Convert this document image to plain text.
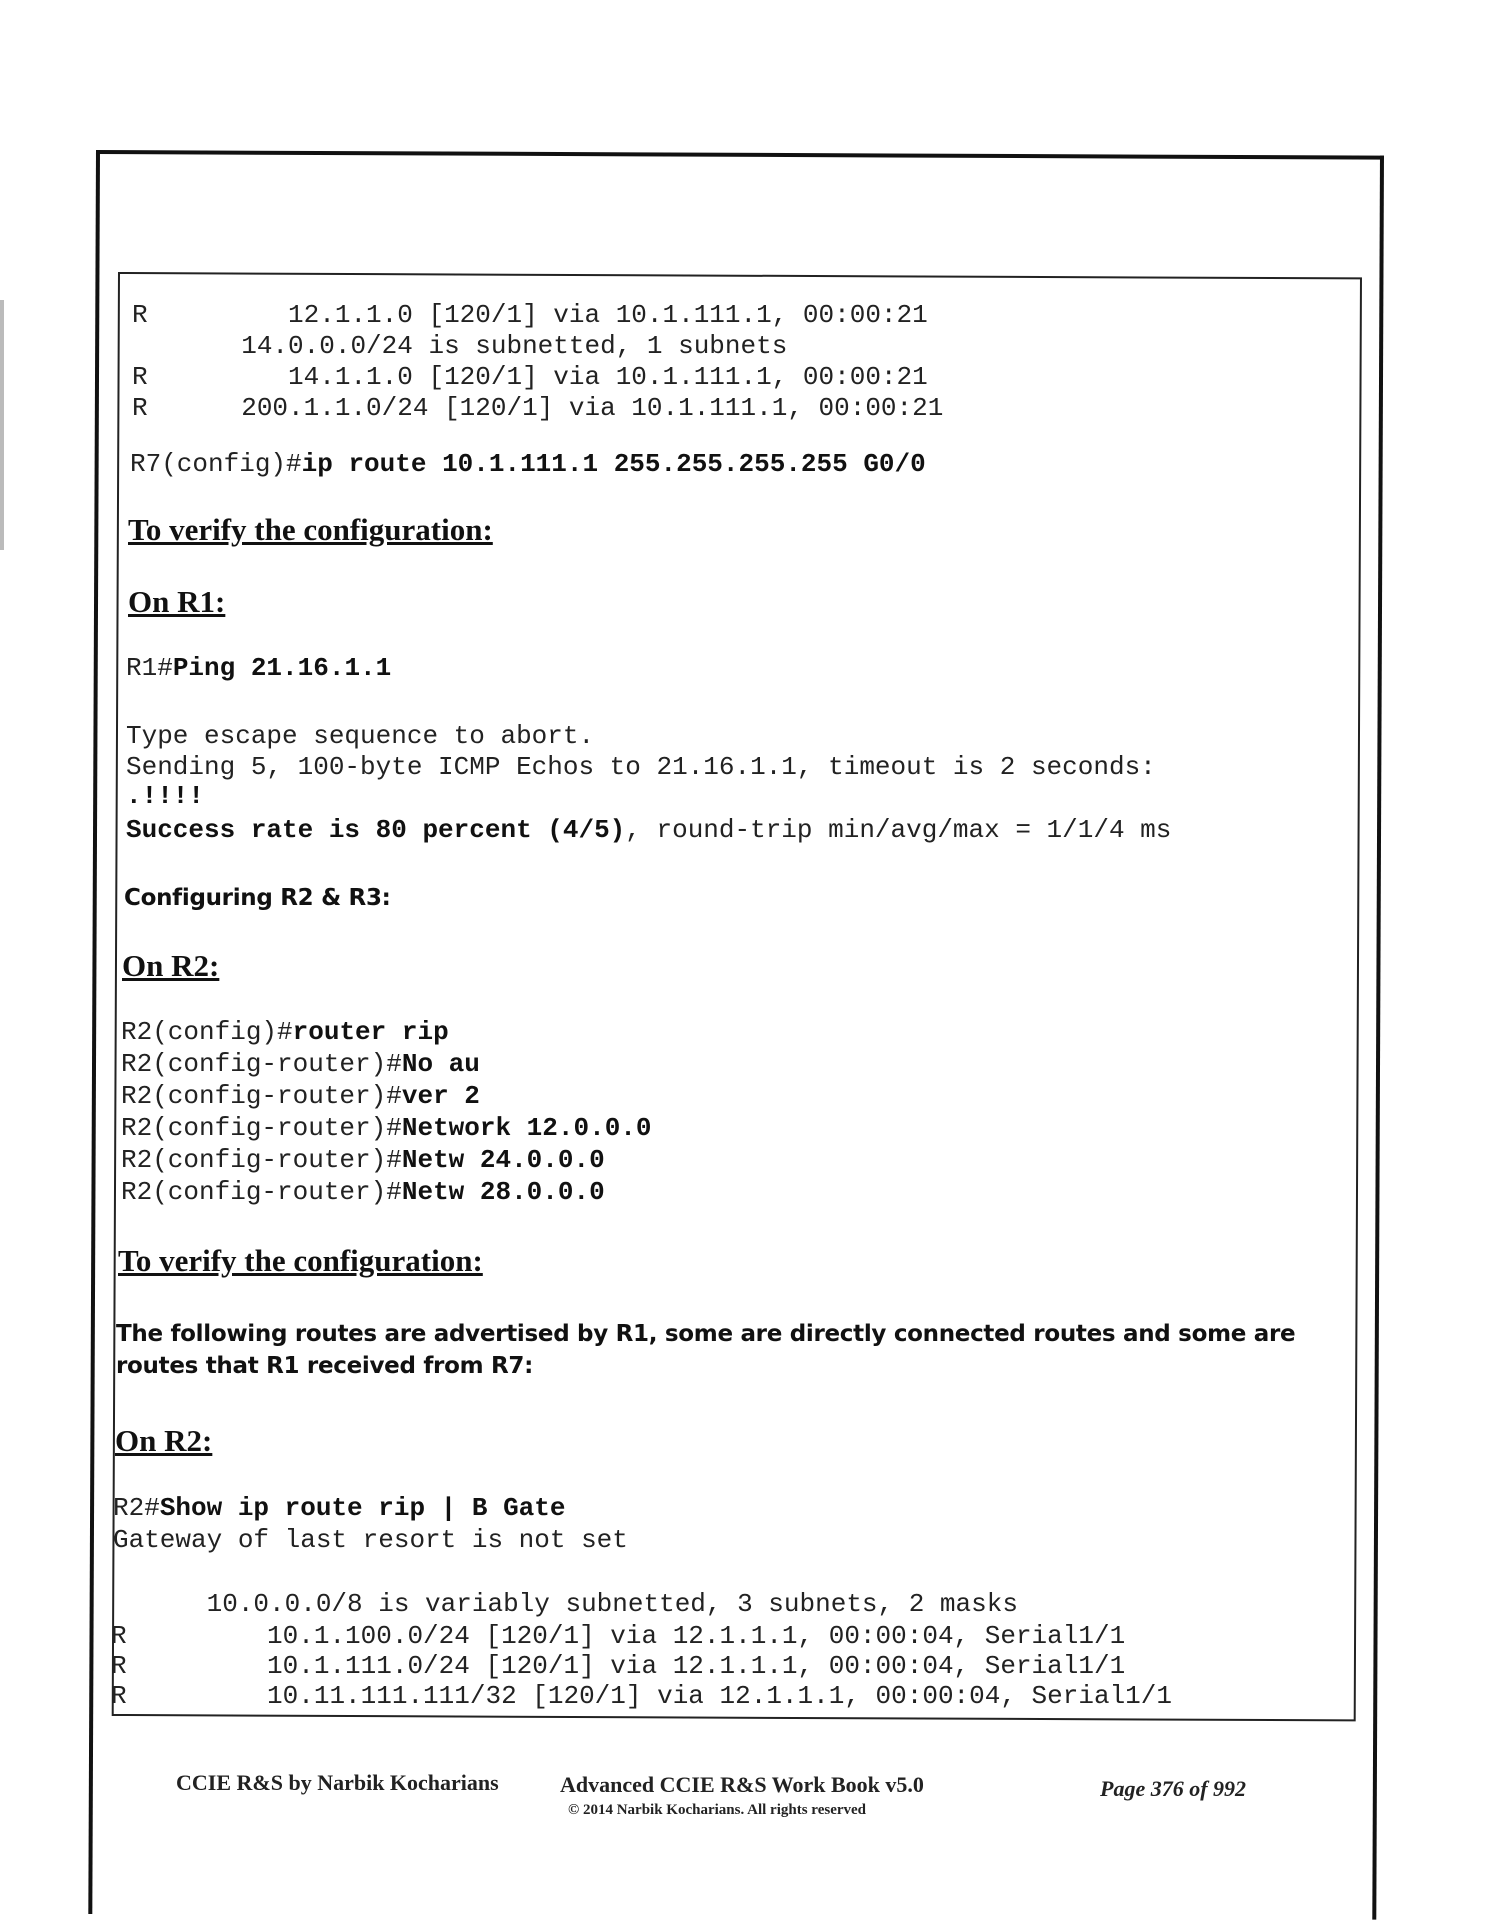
R         12.1.1.0 [120/1] via 10.1.111.1, 00:00:21
14.0.0.0/24 is subnetted, 1 subnets
R         14.1.1.0 [120/1] via 10.1.111.1, 00:00:21
R      200.1.1.0/24 [120/1] via 10.1.111.1, 00:00:21
R7(config)#ip route 10.1.111.1 255.255.255.255 G0/0
To verify the configuration:
On R1:
R1#Ping 21.16.1.1
Type escape sequence to abort.
Sending 5, 100-byte ICMP Echos to 21.16.1.1, timeout is 2 seconds:
.!!!!
Success rate is 80 percent (4/5), round-trip min/avg/max = 1/1/4 ms
Configuring R2 & R3:
On R2:
R2(config)#router rip
R2(config-router)#No au
R2(config-router)#ver 2
R2(config-router)#Network 12.0.0.0
R2(config-router)#Netw 24.0.0.0
R2(config-router)#Netw 28.0.0.0
To verify the configuration:
The following routes are advertised by R1, some are directly connected routes and some are routes that R1 received from R7:
On R2:
R2#Show ip route rip | B Gate
Gateway of last resort is not set
10.0.0.0/8 is variably subnetted, 3 subnets, 2 masks
R         10.1.100.0/24 [120/1] via 12.1.1.1, 00:00:04, Serial1/1
R         10.1.111.0/24 [120/1] via 12.1.1.1, 00:00:04, Serial1/1
R         10.11.111.111/32 [120/1] via 12.1.1.1, 00:00:04, Serial1/1
CCIE R&S by Narbik Kocharians	Advanced CCIE R&S Work Book v5.0
© 2014 Narbik Kocharians. All rights reserved
Page 376 of 992
